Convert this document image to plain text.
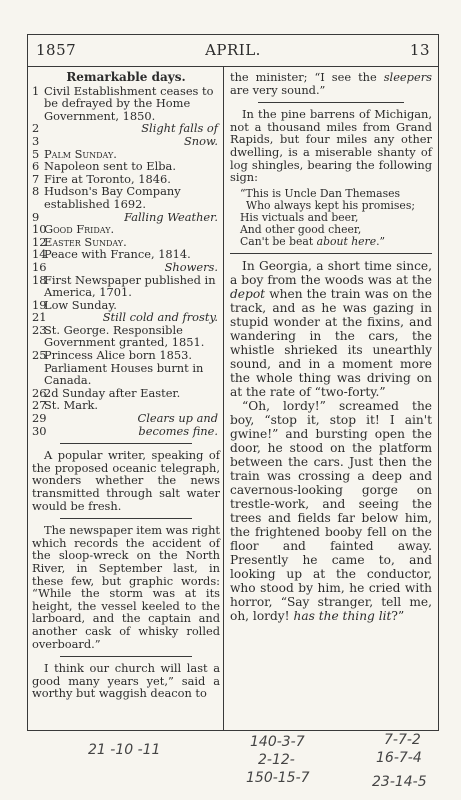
1857	APRIL.	13
Remarkable days.
1 Civil Establishment ceases to be defrayed by the Home Government, 1850.
2	Slight falls of
3	Snow.
5 Palm Sunday.
6 Napoleon sent to Elba.
7 Fire at Toronto, 1846.
8 Hudson's Bay Company established 1692.
9	Falling Weather.
10
Good Friday.
12
Easter Sunday.
14
Peace with France, 1814.
16	Showers.
18
First Newspaper published in America, 1701.
19
Low Sunday.
21	Still cold and frosty.
23
St. George. Responsible Government granted, 1851.
25
Princess Alice born 1853. Parliament Houses burnt in Canada.
26
2d Sunday after Easter.
27
St. Mark.
29	Clears up and
30	becomes fine.
A popular writer, speaking of the proposed oceanic telegraph, wonders whether the news transmitted through salt water would be fresh.
The newspaper item was right which records the accident of the sloop-wreck on the North River, in September last, in these few, but graphic words: “While the storm was at its height, the vessel keeled to the larboard, and the captain and another cask of whisky rolled overboard.”
I think our church will last a good many years yet,” said a worthy but waggish deacon to
the minister; “I see the sleepers are very sound.”
In the pine barrens of Michigan, not a thousand miles from Grand Rapids, but four miles any other dwelling, is a miserable shanty of log shingles, bearing the following sign:
“This is Uncle Dan Themases
Who always kept his promises;
His victuals and beer,
And other good cheer,
Can't be beat about here.”
In Georgia, a short time since, a boy from the woods was at the depot when the train was on the track, and as he was gazing in stupid wonder at the fixins, and wandering in the cars, the whistle shrieked its unearthly sound, and in a moment more the whole thing was driving on at the rate of “two-forty.”
“Oh, lordy!” screamed the boy, “stop it, stop it! I ain't gwine!” and bursting open the door, he stood on the platform between the cars. Just then the train was crossing a deep and cavernous-looking gorge on trestle-work, and seeing the trees and fields far below him, the frightened booby fell on the floor and fainted away. Presently he came to, and looking up at the conductor, who stood by him, he cried with horror, “Say stranger, tell me, oh, lordy! has the thing lit?”
21 -10 -11	140-3-7
2-12-
150-15-7
7-7-2
16-7-4
23-14-5
